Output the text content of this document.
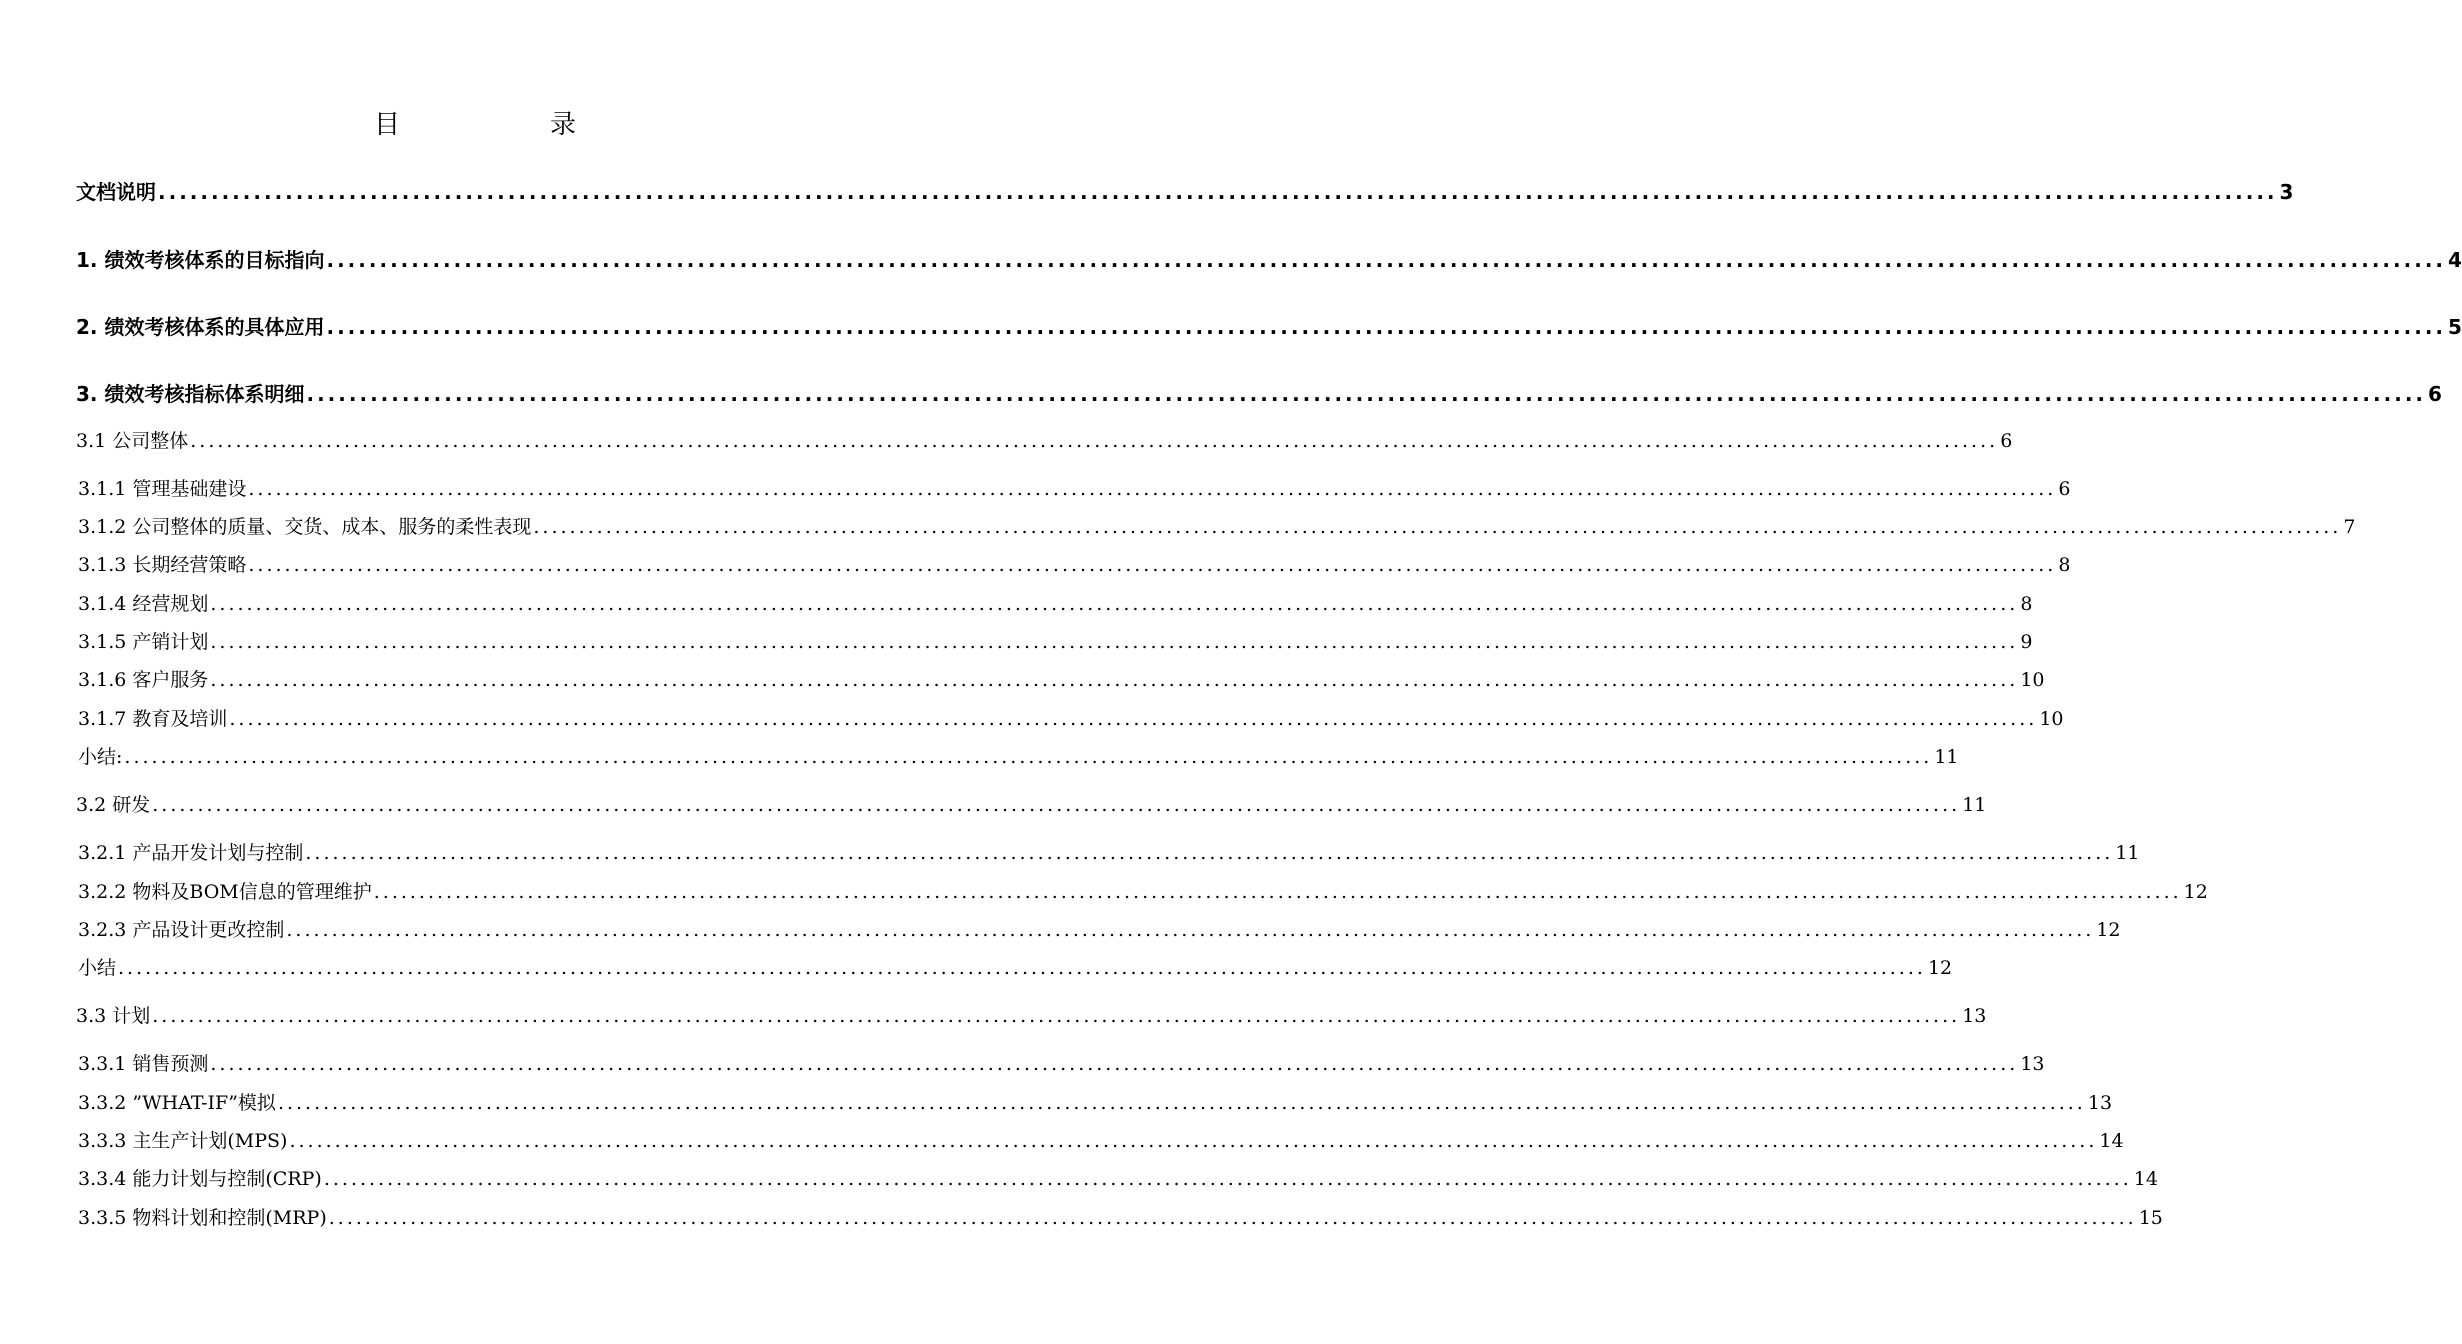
目	录
文档说明 ........................................................................................................................................................................................................ 3
1. 绩效考核体系的目标指向 ........................................................................................................................................................................................................ 4
2. 绩效考核体系的具体应用 ........................................................................................................................................................................................................ 5
3. 绩效考核指标体系明细 ........................................................................................................................................................................................................ 6
3.1 公司整体 ........................................................................................................................................................................................................ 6
3.1.1 管理基础建设 ........................................................................................................................................................................................................ 6
3.1.2 公司整体的质量、交货、成本、服务的柔性表现 ........................................................................................................................................................................................................ 7
3.1.3 长期经营策略 ........................................................................................................................................................................................................ 8
3.1.4 经营规划 ........................................................................................................................................................................................................ 8
3.1.5 产销计划 ........................................................................................................................................................................................................ 9
3.1.6 客户服务 ........................................................................................................................................................................................................ 10
3.1.7 教育及培训 ........................................................................................................................................................................................................ 10
小结: ........................................................................................................................................................................................................ 11
3.2 研发 ........................................................................................................................................................................................................ 11
3.2.1 产品开发计划与控制 ........................................................................................................................................................................................................ 11
3.2.2 物料及BOM信息的管理维护 ........................................................................................................................................................................................................ 12
3.2.3 产品设计更改控制 ........................................................................................................................................................................................................ 12
小结 ........................................................................................................................................................................................................ 12
3.3 计划 ........................................................................................................................................................................................................ 13
3.3.1 销售预测 ........................................................................................................................................................................................................ 13
3.3.2 ”WHAT-IF”模拟 ........................................................................................................................................................................................................ 13
3.3.3 主生产计划(MPS) ........................................................................................................................................................................................................ 14
3.3.4 能力计划与控制(CRP) ........................................................................................................................................................................................................ 14
3.3.5 物料计划和控制(MRP) ........................................................................................................................................................................................................ 15
